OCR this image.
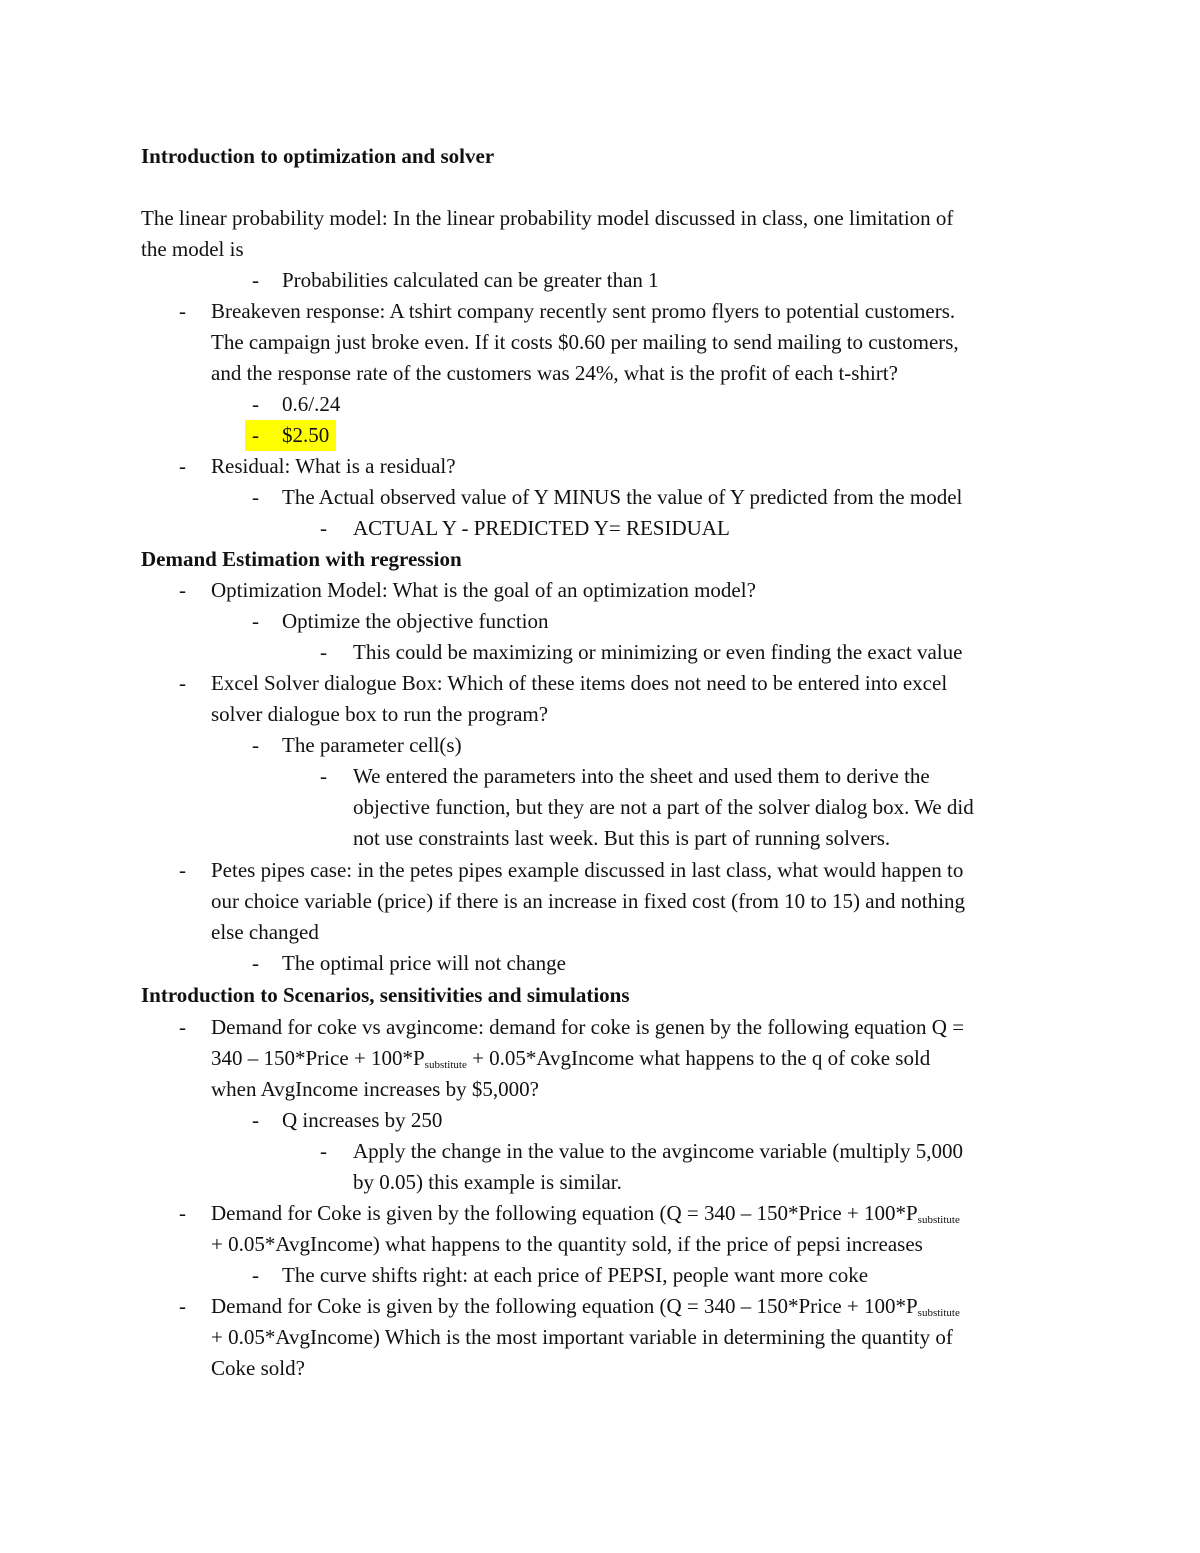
Introduction to optimization and solver
The linear probability model: In the linear probability model discussed in class, one limitation of
the model is
-	Probabilities calculated can be greater than 1
-	Breakeven response: A tshirt company recently sent promo flyers to potential customers.
The campaign just broke even. If it costs $0.60 per mailing to send mailing to customers,
and the response rate of the customers was 24%, what is the profit of each t-shirt?
-	0.6/.24
-	$2.50
-	Residual: What is a residual?
-	The Actual observed value of Y MINUS the value of Y predicted from the model
-	ACTUAL Y - PREDICTED Y= RESIDUAL
Demand Estimation with regression
-	Optimization Model: What is the goal of an optimization model?
-	Optimize the objective function
-	This could be maximizing or minimizing or even finding the exact value
-	Excel Solver dialogue Box: Which of these items does not need to be entered into excel
solver dialogue box to run the program?
-	The parameter cell(s)
-	We entered the parameters into the sheet and used them to derive the
objective function, but they are not a part of the solver dialog box. We did
not use constraints last week. But this is part of running solvers.
-	Petes pipes case: in the petes pipes example discussed in last class, what would happen to
our choice variable (price) if there is an increase in fixed cost (from 10 to 15) and nothing
else changed
-	The optimal price will not change
Introduction to Scenarios, sensitivities and simulations
-	Demand for coke vs avgincome: demand for coke is genen by the following equation Q =
340 – 150*Price + $100*P_{substitute}$ + 0.05*AvgIncome what happens to the q of coke sold
when AvgIncome increases by $5,000?
-	Q increases by 250
-	Apply the change in the value to the avgincome variable (multiply 5,000
by 0.05) this example is similar.
-	Demand for Coke is given by the following equation (Q = 340 – 150*Price + $100*P_{substitute}$
+ 0.05*AvgIncome) what happens to the quantity sold, if the price of pepsi increases
-	The curve shifts right: at each price of PEPSI, people want more coke
-	Demand for Coke is given by the following equation (Q = 340 – 150*Price + $100*P_{substitute}$
+ 0.05*AvgIncome) Which is the most important variable in determining the quantity of
Coke sold?
